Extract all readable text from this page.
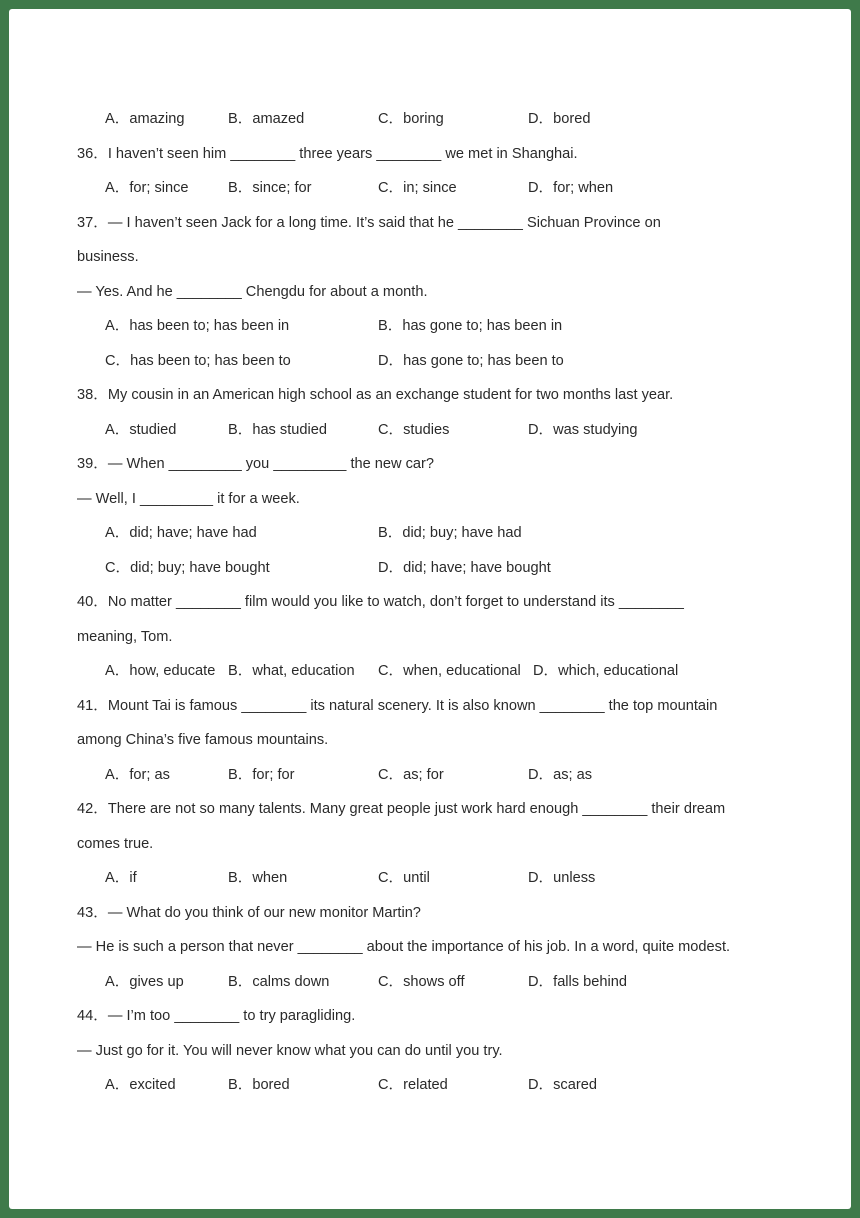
A．amazing	B．amazed	C．boring	D．bored
36．I haven’t seen him ________ three years ________ we met in Shanghai.
A．for; since	B．since; for	C．in; since	D．for; when
37．— I haven’t seen Jack for a long time. It’s said that he ________ Sichuan Province on
business.
— Yes. And he ________ Chengdu for about a month.
A．has been to; has been in	B．has gone to; has been in
C．has been to; has been to	D．has gone to; has been to
38．My cousin in an American high school as an exchange student for two months last year.
A．studied	B．has studied	C．studies	D．was studying
39．— When _________ you _________ the new car?
— Well, I _________ it for a week.
A．did; have; have had	B．did; buy; have had
C．did; buy; have bought	D．did; have; have bought
40．No matter ________ film would you like to watch, don’t forget to understand its ________
meaning, Tom.
A．how, educate B．what, education C．when, educational D．which, educational
41．Mount Tai is famous ________ its natural scenery. It is also known ________ the top mountain
among China’s five famous mountains.
A．for; as	B．for; for	C．as; for	D．as; as
42．There are not so many talents. Many great people just work hard enough ________ their dream
comes true.
A．if	B．when	C．until	D．unless
43．— What do you think of our new monitor Martin?
— He is such a person that never ________ about the importance of his job. In a word, quite modest.
A．gives up	B．calms down	C．shows off	D．falls behind
44．— I’m too ________ to try paragliding.
— Just go for it. You will never know what you can do until you try.
A．excited	B．bored	C．related	D．scared
